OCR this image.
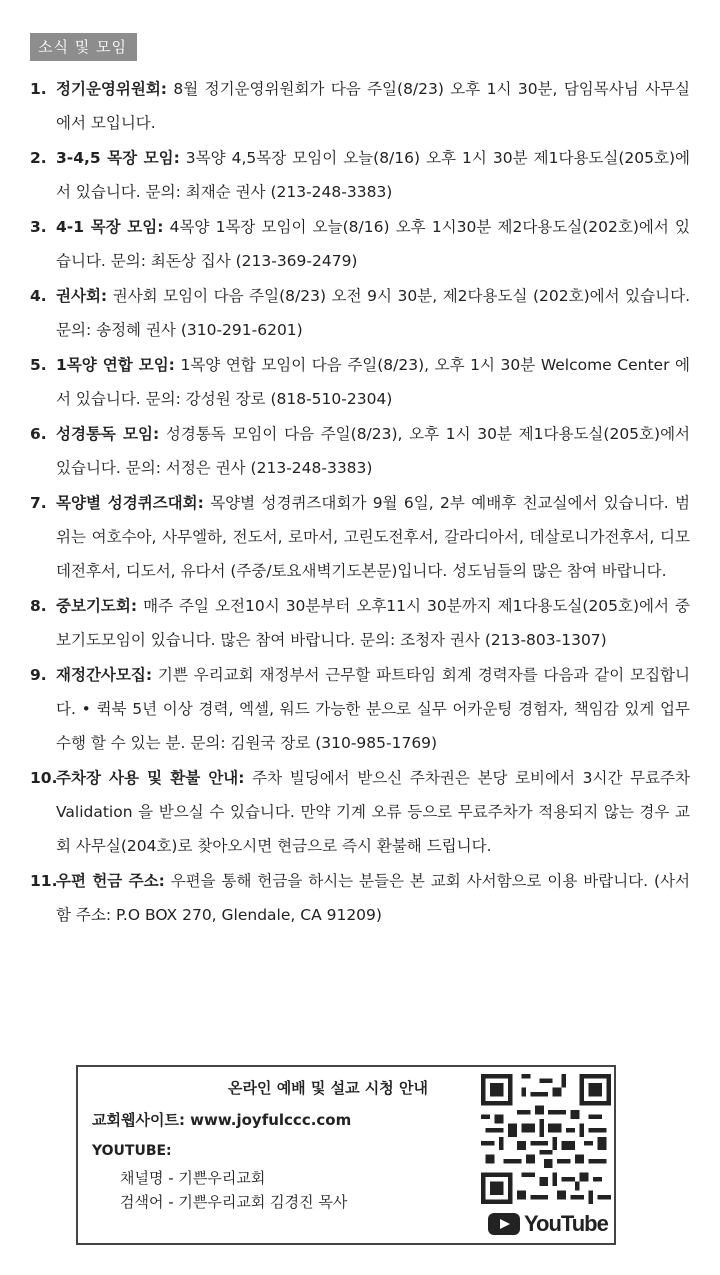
소식 및 모임
1. 정기운영위원회: 8월 정기운영위원회가 다음 주일(8/23) 오후 1시 30분, 담임목사님 사무실에서 모입니다.
2. 3-4,5 목장 모임: 3목양 4,5목장 모임이 오늘(8/16) 오후 1시 30분 제1다용도실(205호)에서 있습니다. 문의: 최재순 권사 (213-248-3383)
3. 4-1 목장 모임: 4목양 1목장 모임이 오늘(8/16) 오후 1시30분 제2다용도실(202호)에서 있습니다. 문의: 최돈상 집사 (213-369-2479)
4. 권사회: 권사회 모임이 다음 주일(8/23) 오전 9시 30분, 제2다용도실 (202호)에서 있습니다. 문의: 송정혜 권사 (310-291-6201)
5. 1목양 연합 모임: 1목양 연합 모임이 다음 주일(8/23), 오후 1시 30분 Welcome Center 에서 있습니다. 문의: 강성원 장로 (818-510-2304)
6. 성경통독 모임: 성경통독 모임이 다음 주일(8/23), 오후 1시 30분 제1다용도실(205호)에서 있습니다. 문의: 서정은 권사 (213-248-3383)
7. 목양별 성경퀴즈대회: 목양별 성경퀴즈대회가 9월 6일, 2부 예배후 친교실에서 있습니다. 범위는 여호수아, 사무엘하, 전도서, 로마서, 고린도전후서, 갈라디아서, 데살로니가전후서, 디모데전후서, 디도서, 유다서 (주중/토요새벽기도본문)입니다. 성도님들의 많은 참여 바랍니다.
8. 중보기도회: 매주 주일 오전10시 30분부터 오후11시 30분까지 제1다용도실(205호)에서 중보기도모임이 있습니다. 많은 참여 바랍니다. 문의: 조청자 권사 (213-803-1307)
9. 재정간사모집: 기쁜 우리교회 재정부서 근무할 파트타임 회계 경력자를 다음과 같이 모집합니다. • 퀵북 5년 이상 경력, 엑셀, 워드 가능한 분으로 실무 어카운팅 경험자, 책임감 있게 업무 수행 할 수 있는 분. 문의: 김원국 장로 (310-985-1769)
10.
주차장 사용 및 환불 안내: 주차 빌딩에서 받으신 주차권은 본당 로비에서 3시간 무료주차 Validation 을 받으실 수 있습니다. 만약 기계 오류 등으로 무료주차가 적용되지 않는 경우 교회 사무실(204호)로 찾아오시면 현금으로 즉시 환불해 드립니다.
11.
우편 헌금 주소: 우편을 통해 헌금을 하시는 분들은 본 교회 사서함으로 이용 바랍니다. (사서함 주소: P.O BOX 270, Glendale, CA 91209)
온라인 예배 및 설교 시청 안내
교회웹사이트: www.joyfulccc.com
YOUTUBE:
채널명 - 기쁜우리교회
검색어 - 기쁜우리교회 김경진 목사
YouTube
